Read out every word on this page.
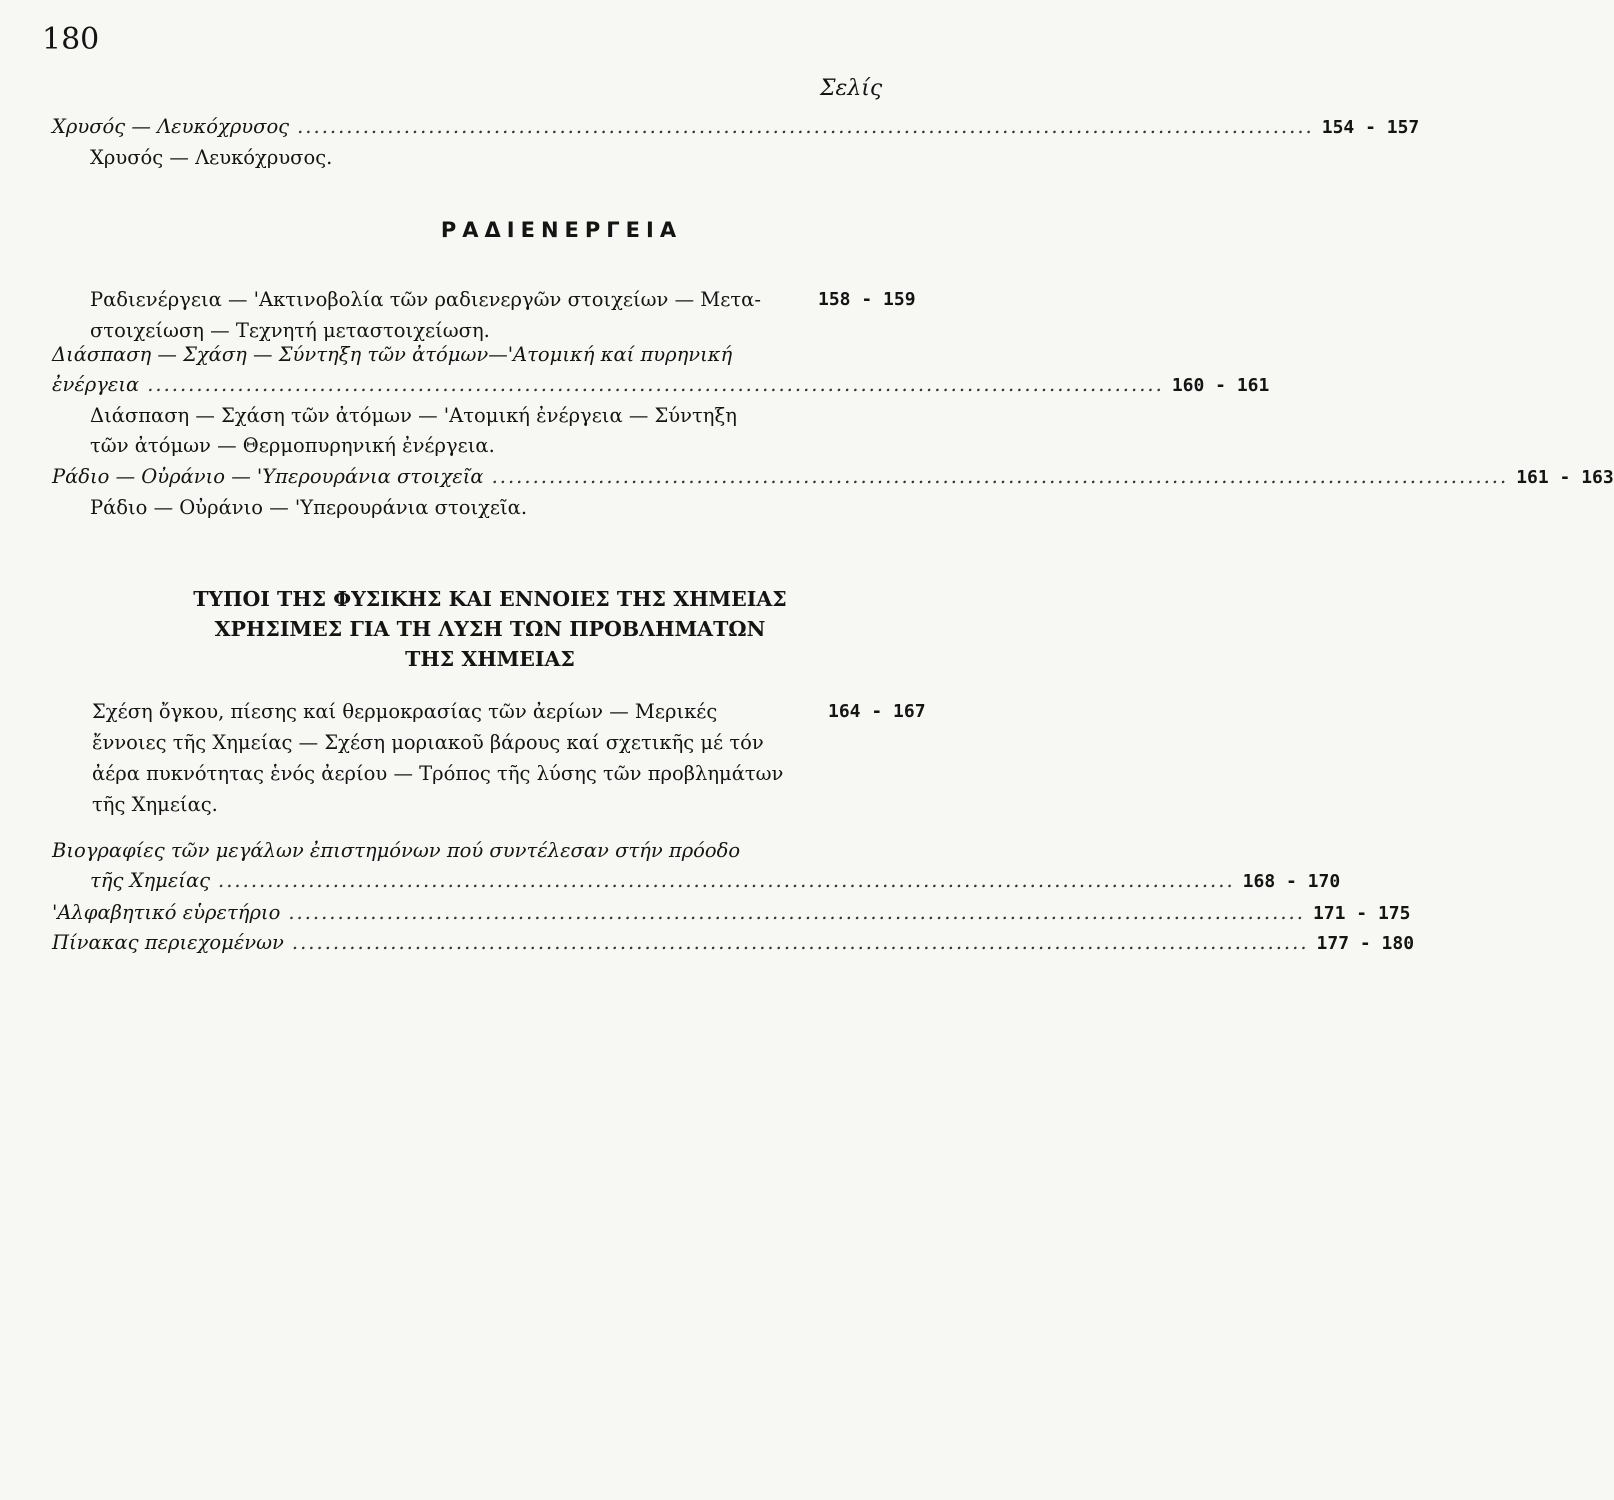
180
Σελίς
Χρυσός — Λευκόχρυσος ............................................................................................................................ 154 - 157
Χρυσός — Λευκόχρυσος.
ΡΑΔΙΕΝΕΡΓΕΙΑ
Ραδιενέργεια — 'Ακτινοβολία τῶν ραδιενεργῶν στοιχείων — Μετα-
στοιχείωση — Τεχνητή μεταστοιχείωση.
158 - 159
Διάσπαση — Σχάση — Σύντηξη τῶν ἀτόμων—'Ατομική καί πυρηνική
ἐνέργεια ............................................................................................................................ 160 - 161
Διάσπαση — Σχάση τῶν ἀτόμων — 'Ατομική ἐνέργεια — Σύντηξη
τῶν ἀτόμων — Θερμοπυρηνική ἐνέργεια.
Ράδιο — Οὐράνιο — 'Υπερουράνια στοιχεῖα ............................................................................................................................ 161 - 163
Ράδιο — Οὐράνιο — 'Υπερουράνια στοιχεῖα.
ΤΥΠΟΙ ΤΗΣ ΦΥΣΙΚΗΣ ΚΑΙ ΕΝΝΟΙΕΣ ΤΗΣ ΧΗΜΕΙΑΣ
ΧΡΗΣΙΜΕΣ ΓΙΑ ΤΗ ΛΥΣΗ ΤΩΝ ΠΡΟΒΛΗΜΑΤΩΝ
ΤΗΣ ΧΗΜΕΙΑΣ
Σχέση ὄγκου, πίεσης καί θερμοκρασίας τῶν ἀερίων — Μερικές
ἔννοιες τῆς Χημείας — Σχέση μοριακοῦ βάρους καί σχετικῆς μέ τόν
ἀέρα πυκνότητας ἑνός ἀερίου — Τρόπος τῆς λύσης τῶν προβλημάτων
τῆς Χημείας.
164 - 167
Βιογραφίες τῶν μεγάλων ἐπιστημόνων πού συντέλεσαν στήν πρόοδο
τῆς Χημείας ............................................................................................................................ 168 - 170
'Αλφαβητικό εὑρετήριο ............................................................................................................................ 171 - 175
Πίνακας περιεχομένων ............................................................................................................................ 177 - 180
